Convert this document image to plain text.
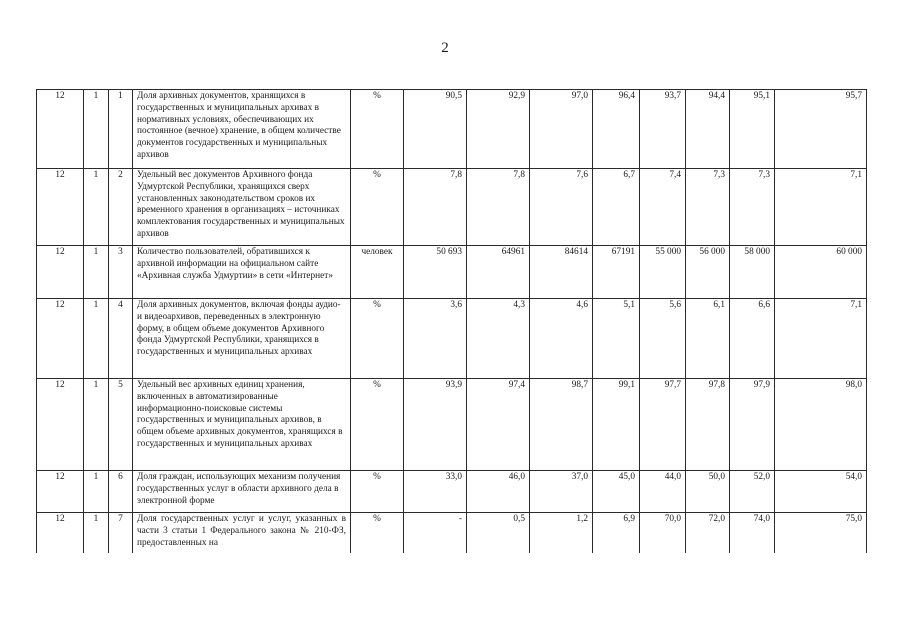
2
12	1	1	Доля архивных документов, хранящихся в государственных и муниципальных архивах в нормативных условиях, обеспечивающих их постоянное (вечное) хранение, в общем количестве документов государственных и муниципальных архивов	%	90,5	92,9	97,0	96,4	93,7	94,4	95,1	95,7
12	1	2	Удельный вес документов Архивного фонда Удмуртской Республики, хранящихся сверх установленных законодательством сроков их временного хранения в организациях – источниках комплектования государственных и муниципальных архивов	%	7,8	7,8	7,6	6,7	7,4	7,3	7,3	7,1
12	1	3	Количество пользователей, обратившихся к архивной информации на официальном сайте «Архивная служба Удмуртии» в сети «Интернет»	человек	50 693	64961	84614	67191	55 000	56 000	58 000	60 000
12	1	4	Доля архивных документов, включая фонды аудио- и видеоархивов, переведенных в электронную форму, в общем объеме документов Архивного фонда Удмуртской Республики, хранящихся в государственных и муниципальных архивах	%	3,6	4,3	4,6	5,1	5,6	6,1	6,6	7,1
12	1	5	Удельный вес архивных единиц хранения, включенных в автоматизированные информационно-поисковые системы государственных и муниципальных архивов, в общем объеме архивных документов, хранящихся в государственных и муниципальных архивах	%	93,9	97,4	98,7	99,1	97,7	97,8	97,9	98,0
12	1	6	Доля граждан, использующих механизм получения государственных услуг в области архивного дела в электронной форме	%	33,0	46,0	37,0	45,0	44,0	50,0	52,0	54,0
12	1	7	Доля государственных услуг и услуг, указанных в части 3 статьи 1 Федерального закона № 210-ФЗ, предоставленных на	%	-	0,5	1,2	6,9	70,0	72,0	74,0	75,0
